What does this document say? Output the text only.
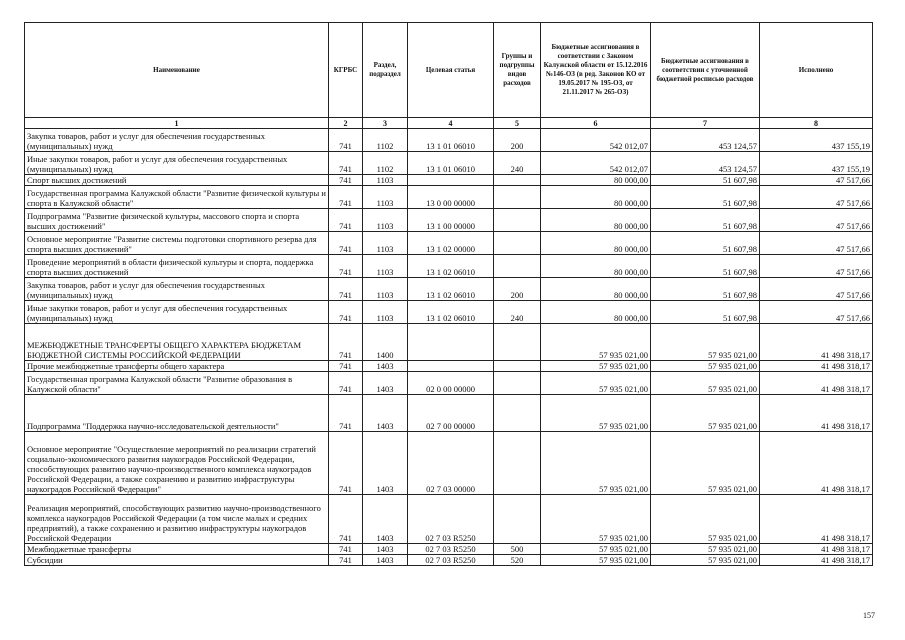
Наименование	КГРБС	Раздел, подраздел	Целевая статья	Группы и подгруппы видов расходов	Бюджетные ассигнования в соответствии с Законом Калужской области от 15.12.2016 №146-ОЗ (в ред. Законов КО от 19.05.2017 № 195-ОЗ, от 21.11.2017 № 265-ОЗ)	Бюджетные ассигнования в соответствии с уточненной бюджетной росписью расходов	Исполнено
1	2	3	4	5	6	7	8
Закупка товаров, работ и услуг для обеспечения государственных (муниципальных) нужд	741	1102	13 1 01 06010	200	542 012,07	453 124,57	437 155,19
Иные закупки товаров, работ и услуг для обеспечения государственных (муниципальных) нужд	741	1102	13 1 01 06010	240	542 012,07	453 124,57	437 155,19
Спорт высших достижений	741	1103			80 000,00	51 607,98	47 517,66
Государственная программа Калужской области "Развитие физической культуры и спорта в Калужской области"	741	1103	13 0 00 00000		80 000,00	51 607,98	47 517,66
Подпрограмма "Развитие физической культуры, массового спорта и спорта высших достижений"	741	1103	13 1 00 00000		80 000,00	51 607,98	47 517,66
Основное мероприятие "Развитие системы подготовки спортивного резерва для спорта высших достижений"	741	1103	13 1 02 00000		80 000,00	51 607,98	47 517,66
Проведение мероприятий в области физической культуры и спорта, поддержка спорта высших достижений	741	1103	13 1 02 06010		80 000,00	51 607,98	47 517,66
Закупка товаров, работ и услуг для обеспечения государственных (муниципальных) нужд	741	1103	13 1 02 06010	200	80 000,00	51 607,98	47 517,66
Иные закупки товаров, работ и услуг для обеспечения государственных (муниципальных) нужд	741	1103	13 1 02 06010	240	80 000,00	51 607,98	47 517,66
МЕЖБЮДЖЕТНЫЕ ТРАНСФЕРТЫ ОБЩЕГО ХАРАКТЕРА БЮДЖЕТАМ БЮДЖЕТНОЙ СИСТЕМЫ РОССИЙСКОЙ ФЕДЕРАЦИИ	741	1400			57 935 021,00	57 935 021,00	41 498 318,17
Прочие межбюджетные трансферты общего характера	741	1403			57 935 021,00	57 935 021,00	41 498 318,17
Государственная программа Калужской области "Развитие образования в Калужской области"	741	1403	02 0 00 00000		57 935 021,00	57 935 021,00	41 498 318,17
Подпрограмма "Поддержка научно-исследовательской деятельности"	741	1403	02 7 00 00000		57 935 021,00	57 935 021,00	41 498 318,17
Основное мероприятие "Осуществление мероприятий по реализации стратегий социально-экономического развития наукоградов Российской Федерации, способствующих развитию научно-производственного комплекса наукоградов Российской Федерации, а также сохранению и развитию инфраструктуры наукоградов Российской Федерации"	741	1403	02 7 03 00000		57 935 021,00	57 935 021,00	41 498 318,17
Реализация мероприятий, способствующих развитию научно-производственного комплекса наукоградов Российской Федерации (а том числе малых и средних предприятий), а также сохранению и развитию инфраструктуры наукоградов Российской Федерации	741	1403	02 7 03 R5250		57 935 021,00	57 935 021,00	41 498 318,17
Межбюджетные трансферты	741	1403	02 7 03 R5250	500	57 935 021,00	57 935 021,00	41 498 318,17
Субсидии	741	1403	02 7 03 R5250	520	57 935 021,00	57 935 021,00	41 498 318,17
157
